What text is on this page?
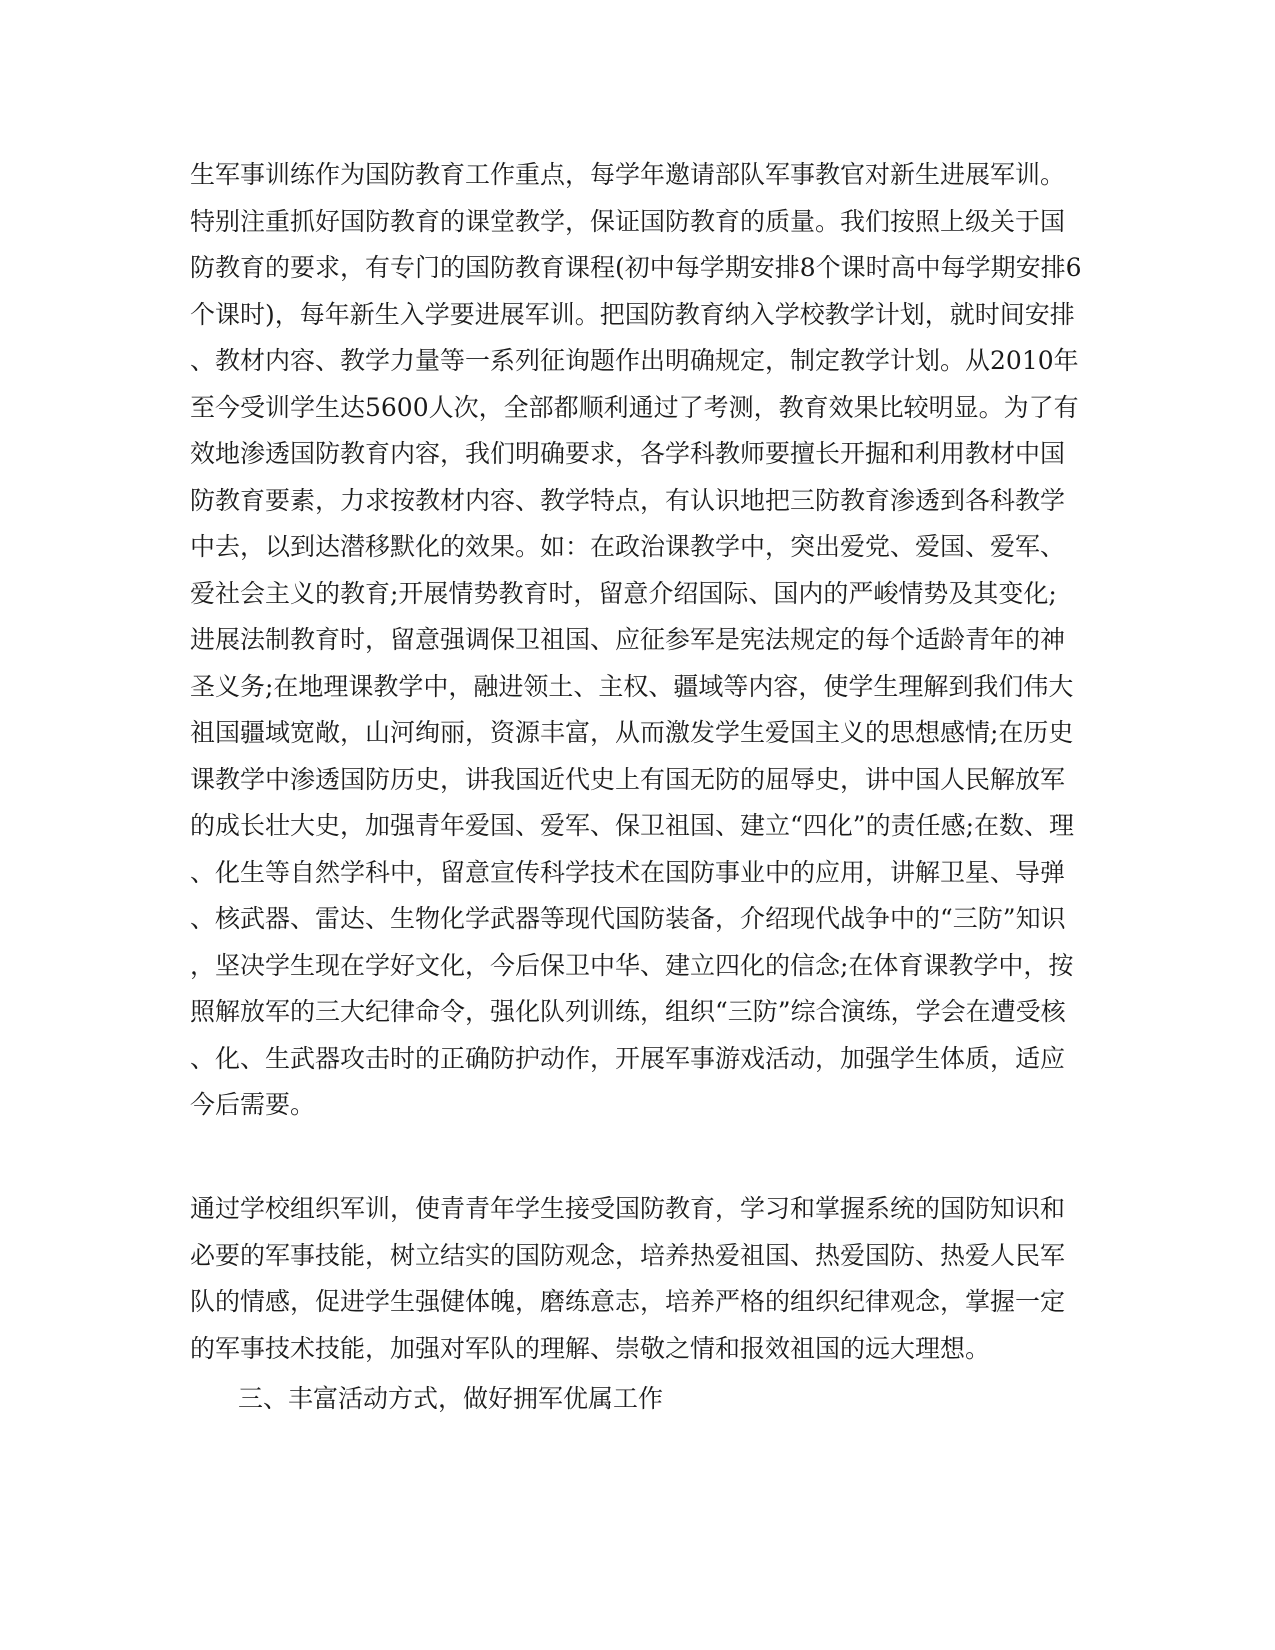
生军事训练作为国防教育工作重点，每学年邀请部队军事教官对新生进展军训。
特别注重抓好国防教育的课堂教学，保证国防教育的质量。我们按照上级关于国
防教育的要求，有专门的国防教育课程(初中每学期安排8个课时高中每学期安排6
个课时)，每年新生入学要进展军训。把国防教育纳入学校教学计划，就时间安排
、教材内容、教学力量等一系列征询题作出明确规定，制定教学计划。从2010年
至今受训学生达5600人次，全部都顺利通过了考测，教育效果比较明显。为了有
效地渗透国防教育内容，我们明确要求，各学科教师要擅长开掘和利用教材中国
防教育要素，力求按教材内容、教学特点，有认识地把三防教育渗透到各科教学
中去，以到达潜移默化的效果。如：在政治课教学中，突出爱党、爱国、爱军、
爱社会主义的教育;开展情势教育时，留意介绍国际、国内的严峻情势及其变化;
进展法制教育时，留意强调保卫祖国、应征参军是宪法规定的每个适龄青年的神
圣义务;在地理课教学中，融进领土、主权、疆域等内容，使学生理解到我们伟大
祖国疆域宽敞，山河绚丽，资源丰富，从而激发学生爱国主义的思想感情;在历史
课教学中渗透国防历史，讲我国近代史上有国无防的屈辱史，讲中国人民解放军
的成长壮大史，加强青年爱国、爱军、保卫祖国、建立“四化”的责任感;在数、理
、化生等自然学科中，留意宣传科学技术在国防事业中的应用，讲解卫星、导弹
、核武器、雷达、生物化学武器等现代国防装备，介绍现代战争中的“三防”知识
，坚决学生现在学好文化，今后保卫中华、建立四化的信念;在体育课教学中，按
照解放军的三大纪律命令，强化队列训练，组织“三防”综合演练，学会在遭受核
、化、生武器攻击时的正确防护动作，开展军事游戏活动，加强学生体质，适应
今后需要。
通过学校组织军训，使青青年学生接受国防教育，学习和掌握系统的国防知识和
必要的军事技能，树立结实的国防观念，培养热爱祖国、热爱国防、热爱人民军
队的情感，促进学生强健体魄，磨练意志，培养严格的组织纪律观念，掌握一定
的军事技术技能，加强对军队的理解、崇敬之情和报效祖国的远大理想。
三、丰富活动方式，做好拥军优属工作
